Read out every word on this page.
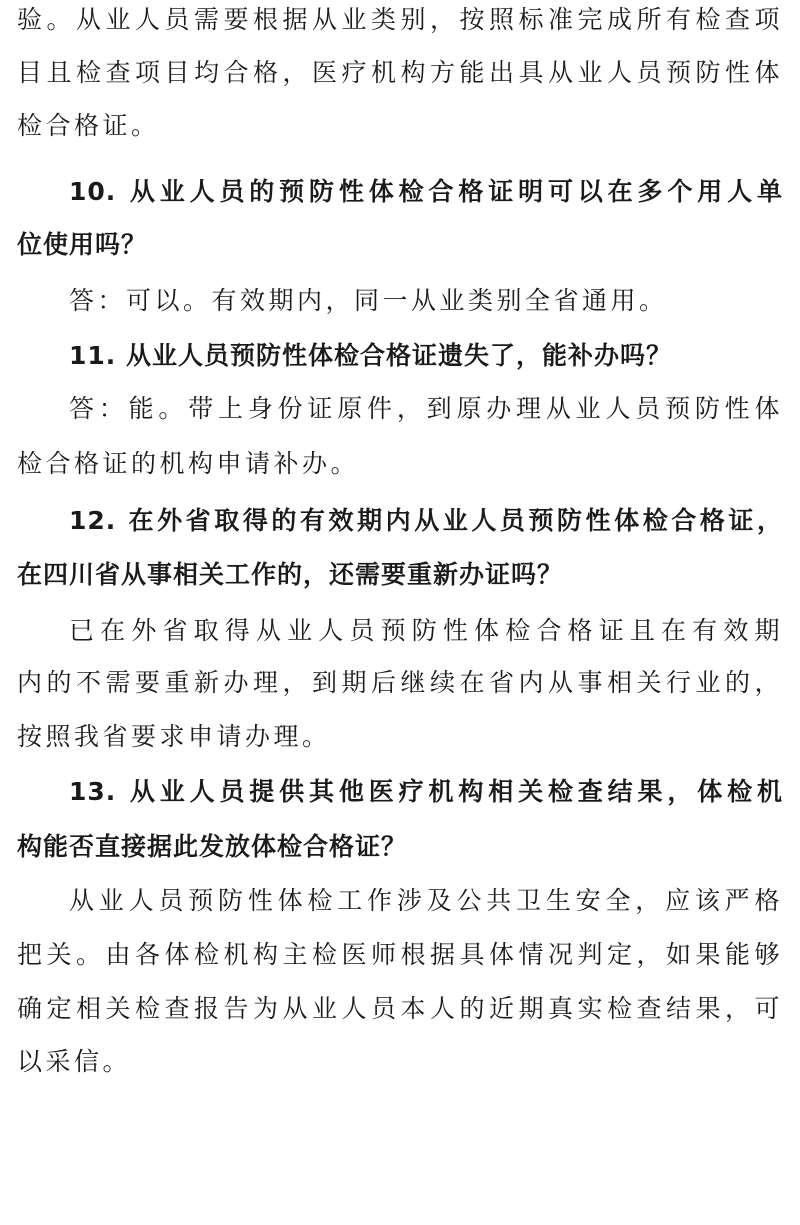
验。从业人员需要根据从业类别，按照标准完成所有检查项
目且检查项目均合格，医疗机构方能出具从业人员预防性体
检合格证。
10. 从业人员的预防性体检合格证明可以在多个用人单
位使用吗？
答：可以。有效期内，同一从业类别全省通用。
11. 从业人员预防性体检合格证遗失了，能补办吗？
答：能。带上身份证原件，到原办理从业人员预防性体
检合格证的机构申请补办。
12. 在外省取得的有效期内从业人员预防性体检合格证，
在四川省从事相关工作的，还需要重新办证吗？
已在外省取得从业人员预防性体检合格证且在有效期
内的不需要重新办理，到期后继续在省内从事相关行业的，
按照我省要求申请办理。
13. 从业人员提供其他医疗机构相关检查结果，体检机
构能否直接据此发放体检合格证？
从业人员预防性体检工作涉及公共卫生安全，应该严格
把关。由各体检机构主检医师根据具体情况判定，如果能够
确定相关检查报告为从业人员本人的近期真实检查结果，可
以采信。
